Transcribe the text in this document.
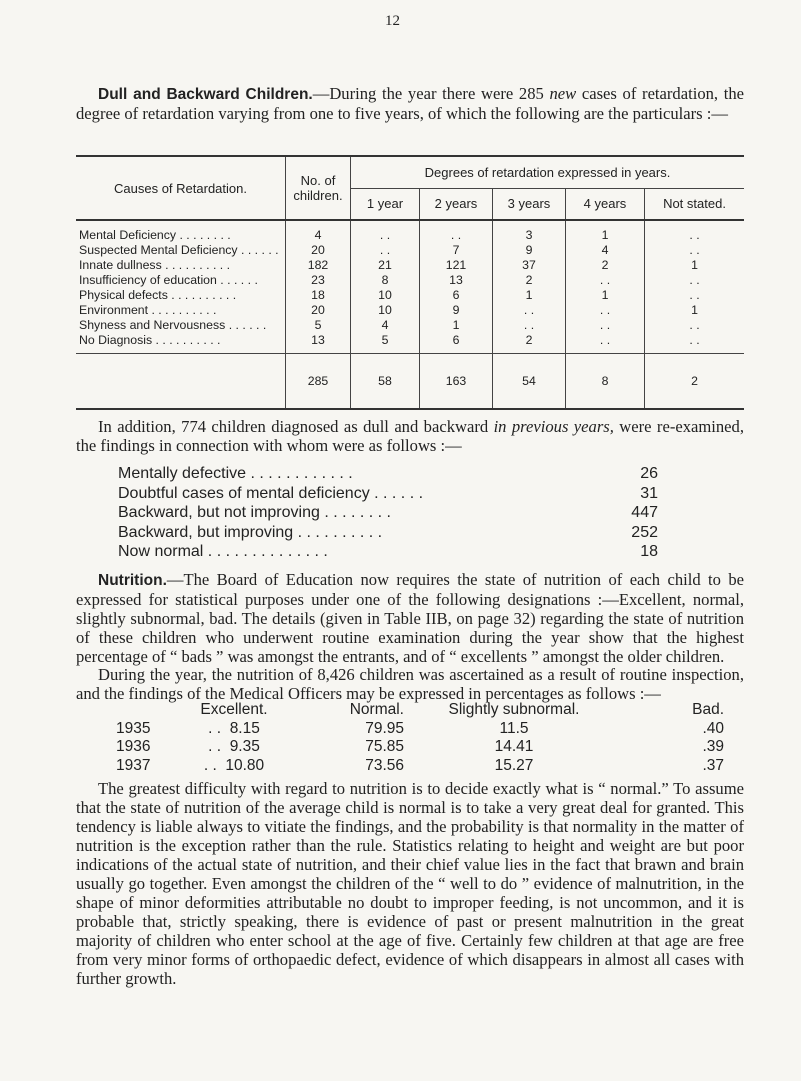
12

Dull and Backward Children.—During the year there were 285 new cases of retardation, the degree of retardation varying from one to five years, of which the following are the particulars :—

Causes of Retardation.	No. of children.	Degrees of retardation expressed in years.				
		1 year	2 years	3 years	4 years	Not stated.
Mental Deficiency . . . . . . . .	4	. .	. .	3	1	. .
Suspected Mental Deficiency . . . . . .	20	. .	7	9	4	. .
Innate dullness . . . . . . . . . .	182	21	121	37	2	1
Insufficiency of education . . . . . .	23	8	13	2	. .	. .
Physical defects . . . . . . . . . .	18	10	6	1	1	. .
Environment . . . . . . . . . .	20	10	9	. .	. .	1
Shyness and Nervousness . . . . . .	5	4	1	. .	. .	. .
No Diagnosis . . . . . . . . . .	13	5	6	2	. .	. .
	285	58	163	54	8	2

In addition, 774 children diagnosed as dull and backward in previous years, were re-examined, the findings in connection with whom were as follows :—

Mentally defective . . . . . . . . . . . .	26
Doubtful cases of mental deficiency . . . . . .	31
Backward, but not improving . . . . . . . .	447
Backward, but improving . . . . . . . . . .	252
Now normal . . . . . . . . . . . . . .	18

Nutrition.—The Board of Education now requires the state of nutrition of each child to be expressed for statistical purposes under one of the following designations :—Excellent, normal, slightly subnormal, bad. The details (given in Table IIB, on page 32) regarding the state of nutrition of these children who underwent routine examination during the year show that the highest percentage of “ bads ” was amongst the entrants, and of “ excellents ” amongst the older children.

During the year, the nutrition of 8,426 children was ascertained as a result of routine inspection, and the findings of the Medical Officers may be expressed in percentages as follows :—

	Excellent.	Normal.	Slightly subnormal.	Bad.
1935	. . 8.15	79.95	11.5	.40
1936	. . 9.35	75.85	14.41	.39
1937	. . 10.80	73.56	15.27	.37

The greatest difficulty with regard to nutrition is to decide exactly what is “ normal.” To assume that the state of nutrition of the average child is normal is to take a very great deal for granted. This tendency is liable always to vitiate the findings, and the probability is that normality in the matter of nutrition is the exception rather than the rule. Statistics relating to height and weight are but poor indications of the actual state of nutrition, and their chief value lies in the fact that brawn and brain usually go together. Even amongst the children of the “ well to do ” evidence of malnutrition, in the shape of minor deformities attributable no doubt to improper feeding, is not uncommon, and it is probable that, strictly speaking, there is evidence of past or present malnutrition in the great majority of children who enter school at the age of five. Certainly few children at that age are free from very minor forms of orthopaedic defect, evidence of which disappears in almost all cases with further growth.
